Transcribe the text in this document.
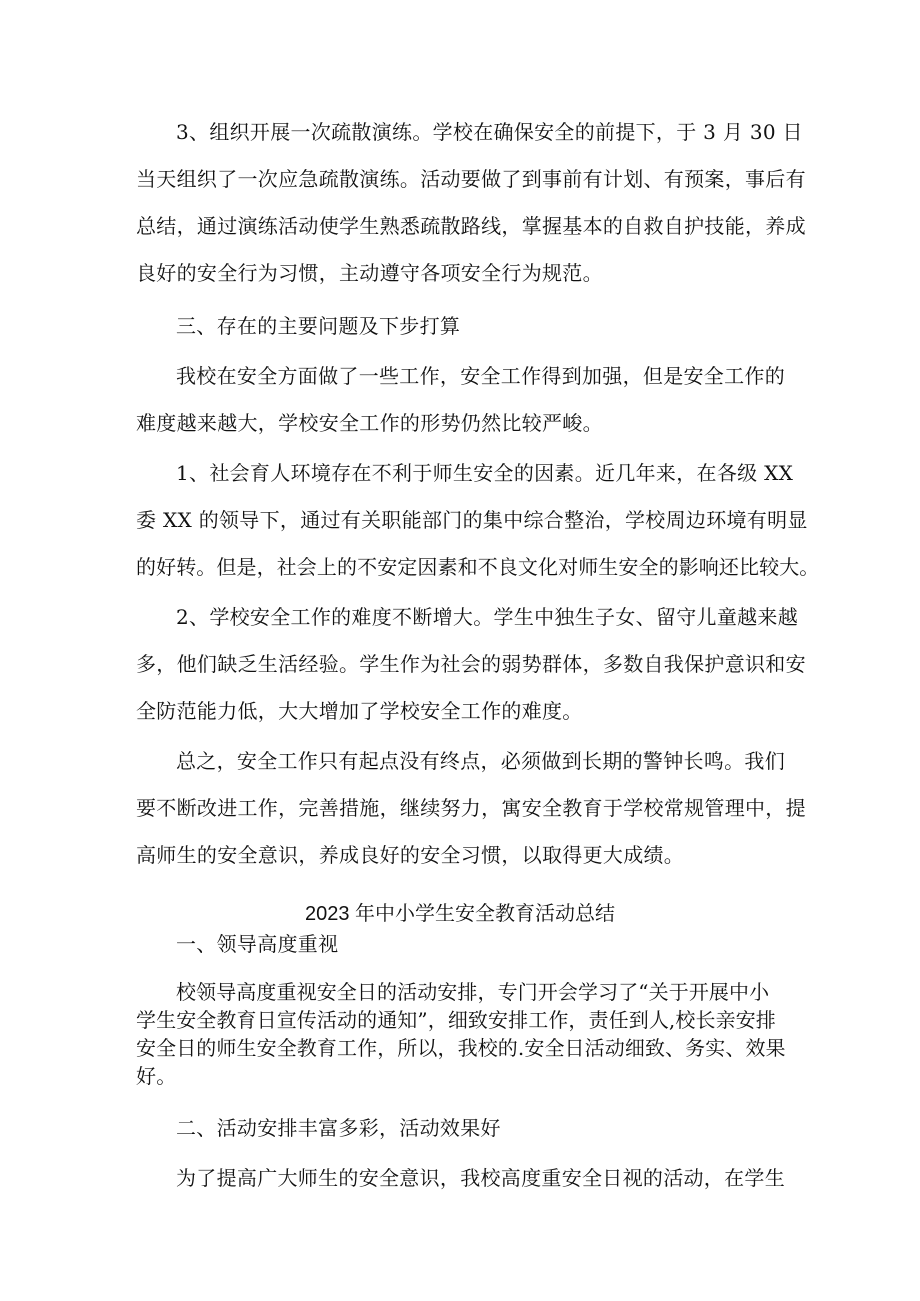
3、组织开展一次疏散演练。学校在确保安全的前提下，于 3 月 30 日
当天组织了一次应急疏散演练。活动要做了到事前有计划、有预案，事后有
总结，通过演练活动使学生熟悉疏散路线，掌握基本的自救自护技能，养成
良好的安全行为习惯，主动遵守各项安全行为规范。
三、存在的主要问题及下步打算
我校在安全方面做了一些工作，安全工作得到加强，但是安全工作的
难度越来越大，学校安全工作的形势仍然比较严峻。
1、社会育人环境存在不利于师生安全的因素。近几年来，在各级 XX
委 XX 的领导下，通过有关职能部门的集中综合整治，学校周边环境有明显
的好转。但是，社会上的不安定因素和不良文化对师生安全的影响还比较大。
2、学校安全工作的难度不断增大。学生中独生子女、留守儿童越来越
多，他们缺乏生活经验。学生作为社会的弱势群体，多数自我保护意识和安
全防范能力低，大大增加了学校安全工作的难度。
总之，安全工作只有起点没有终点，必须做到长期的警钟长鸣。我们
要不断改进工作，完善措施，继续努力，寓安全教育于学校常规管理中，提
高师生的安全意识，养成良好的安全习惯，以取得更大成绩。
2023 年中小学生安全教育活动总结
一、领导高度重视
校领导高度重视安全日的活动安排，专门开会学习了“关于开展中小
学生安全教育日宣传活动的通知”，细致安排工作，责任到人,校长亲安排
安全日的师生安全教育工作，所以，我校的.安全日活动细致、务实、效果
好。
二、活动安排丰富多彩，活动效果好
为了提高广大师生的安全意识，我校高度重安全日视的活动，在学生
